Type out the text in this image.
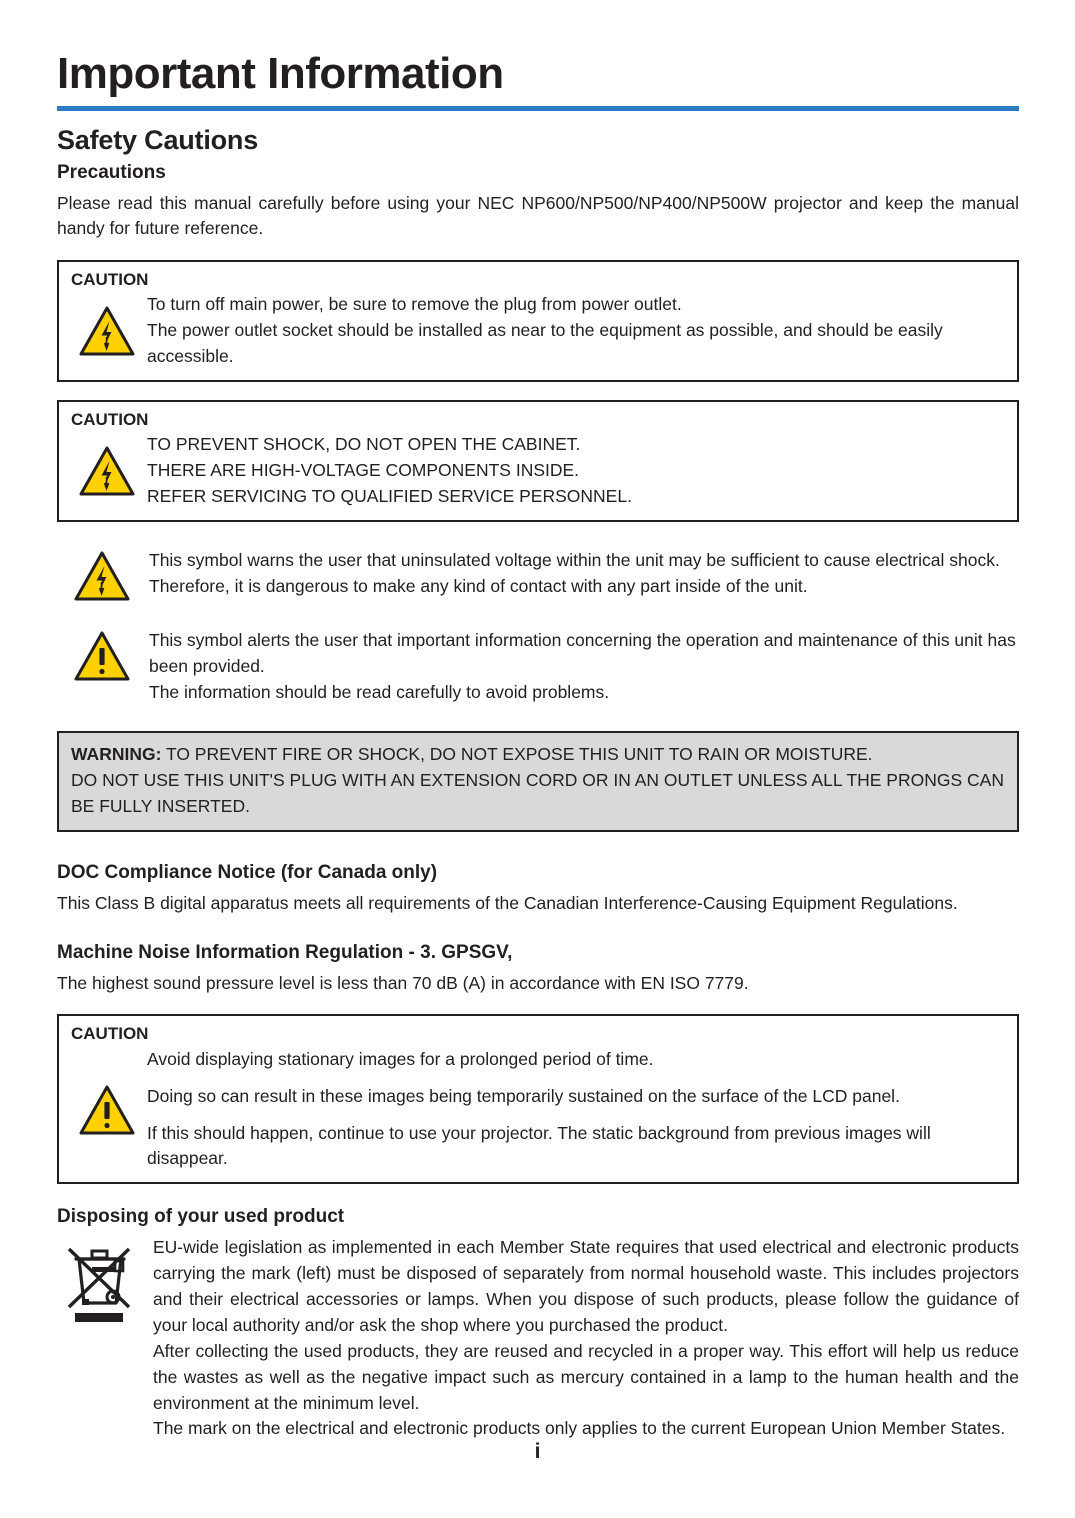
Important Information
Safety Cautions
Precautions

Please read this manual carefully before using your NEC NP600/NP500/NP400/NP500W projector and keep the manual handy for future reference.

CAUTION

To turn off main power, be sure to remove the plug from power outlet.

The power outlet socket should be installed as near to the equipment as possible, and should be easily accessible.

CAUTION

TO PREVENT SHOCK, DO NOT OPEN THE CABINET.

THERE ARE HIGH-VOLTAGE COMPONENTS INSIDE.

REFER SERVICING TO QUALIFIED SERVICE PERSONNEL.

This symbol warns the user that uninsulated voltage within the unit may be sufficient to cause electrical shock. Therefore, it is dangerous to make any kind of contact with any part inside of the unit.

This symbol alerts the user that important information concerning the operation and maintenance of this unit has been provided.

The information should be read carefully to avoid problems.

WARNING: TO PREVENT FIRE OR SHOCK, DO NOT EXPOSE THIS UNIT TO RAIN OR MOISTURE.

DO NOT USE THIS UNIT'S PLUG WITH AN EXTENSION CORD OR IN AN OUTLET UNLESS ALL THE PRONGS CAN BE FULLY INSERTED.

DOC Compliance Notice (for Canada only)

This Class B digital apparatus meets all requirements of the Canadian Interference-Causing Equipment Regulations.

Machine Noise Information Regulation - 3. GPSGV,

The highest sound pressure level is less than 70 dB (A) in accordance with EN ISO 7779.

CAUTION

Avoid displaying stationary images for a prolonged period of time.

Doing so can result in these images being temporarily sustained on the surface of the LCD panel.

If this should happen, continue to use your projector. The static background from previous images will disappear.

Disposing of your used product

EU-wide legislation as implemented in each Member State requires that used electrical and electronic products carrying the mark (left) must be disposed of separately from normal household waste. This includes projectors and their electrical accessories or lamps. When you dispose of such products, please follow the guidance of your local authority and/or ask the shop where you purchased the product.

After collecting the used products, they are reused and recycled in a proper way. This effort will help us reduce the wastes as well as the negative impact such as mercury contained in a lamp to the human health and the environment at the minimum level.

The mark on the electrical and electronic products only applies to the current European Union Member States.

i
